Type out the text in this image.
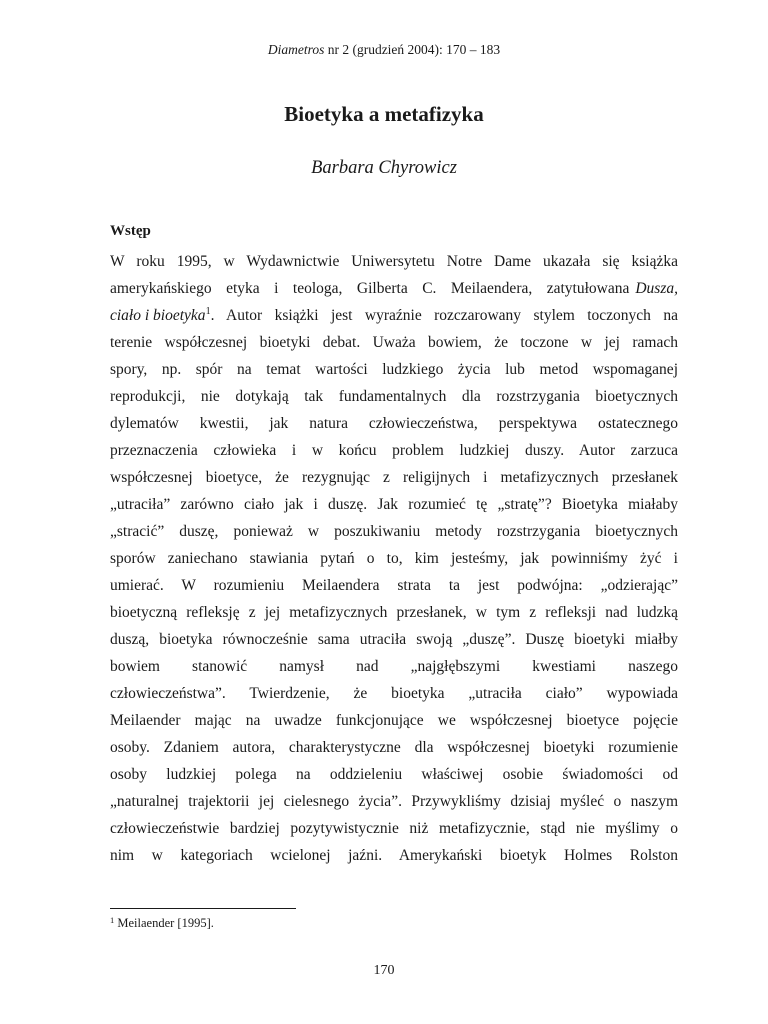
Diametros nr 2 (grudzień 2004): 170 – 183
Bioetyka a metafizyka
Barbara Chyrowicz
Wstęp
W roku 1995, w Wydawnictwie Uniwersytetu Notre Dame ukazała się książka
amerykańskiego etyka i teologa, Gilberta C. Meilaendera, zatytułowana Dusza,
ciało i bioetyka$^1$ . Autor książki jest wyraźnie rozczarowany stylem toczonych na
terenie współczesnej bioetyki debat. Uważa bowiem, że toczone w jej ramach
spory, np. spór na temat wartości ludzkiego życia lub metod wspomaganej
reprodukcji, nie dotykają tak fundamentalnych dla rozstrzygania bioetycznych
dylematów kwestii, jak natura człowieczeństwa, perspektywa ostatecznego
przeznaczenia człowieka i w końcu problem ludzkiej duszy. Autor zarzuca
współczesnej bioetyce, że rezygnując z religijnych i metafizycznych przesłanek
„utraciła” zarówno ciało jak i duszę. Jak rozumieć tę „stratę”? Bioetyka miałaby
„stracić” duszę, ponieważ w poszukiwaniu metody rozstrzygania bioetycznych
sporów zaniechano stawiania pytań o to, kim jesteśmy, jak powinniśmy żyć i
umierać. W rozumieniu Meilaendera strata ta jest podwójna: „odzierając”
bioetyczną refleksję z jej metafizycznych przesłanek, w tym z refleksji nad ludzką
duszą, bioetyka równocześnie sama utraciła swoją „duszę”. Duszę bioetyki miałby
bowiem stanowić namysł nad „najgłębszymi kwestiami naszego
człowieczeństwa”. Twierdzenie, że bioetyka „utraciła ciało” wypowiada
Meilaender mając na uwadze funkcjonujące we współczesnej bioetyce pojęcie
osoby. Zdaniem autora, charakterystyczne dla współczesnej bioetyki rozumienie
osoby ludzkiej polega na oddzieleniu właściwej osobie świadomości od
„naturalnej trajektorii jej cielesnego życia”. Przywykliśmy dzisiaj myśleć o naszym
człowieczeństwie bardziej pozytywistycznie niż metafizycznie, stąd nie myślimy o
nim w kategoriach wcielonej jaźni. Amerykański bioetyk Holmes Rolston
$^1$ Meilaender [1995].
170
